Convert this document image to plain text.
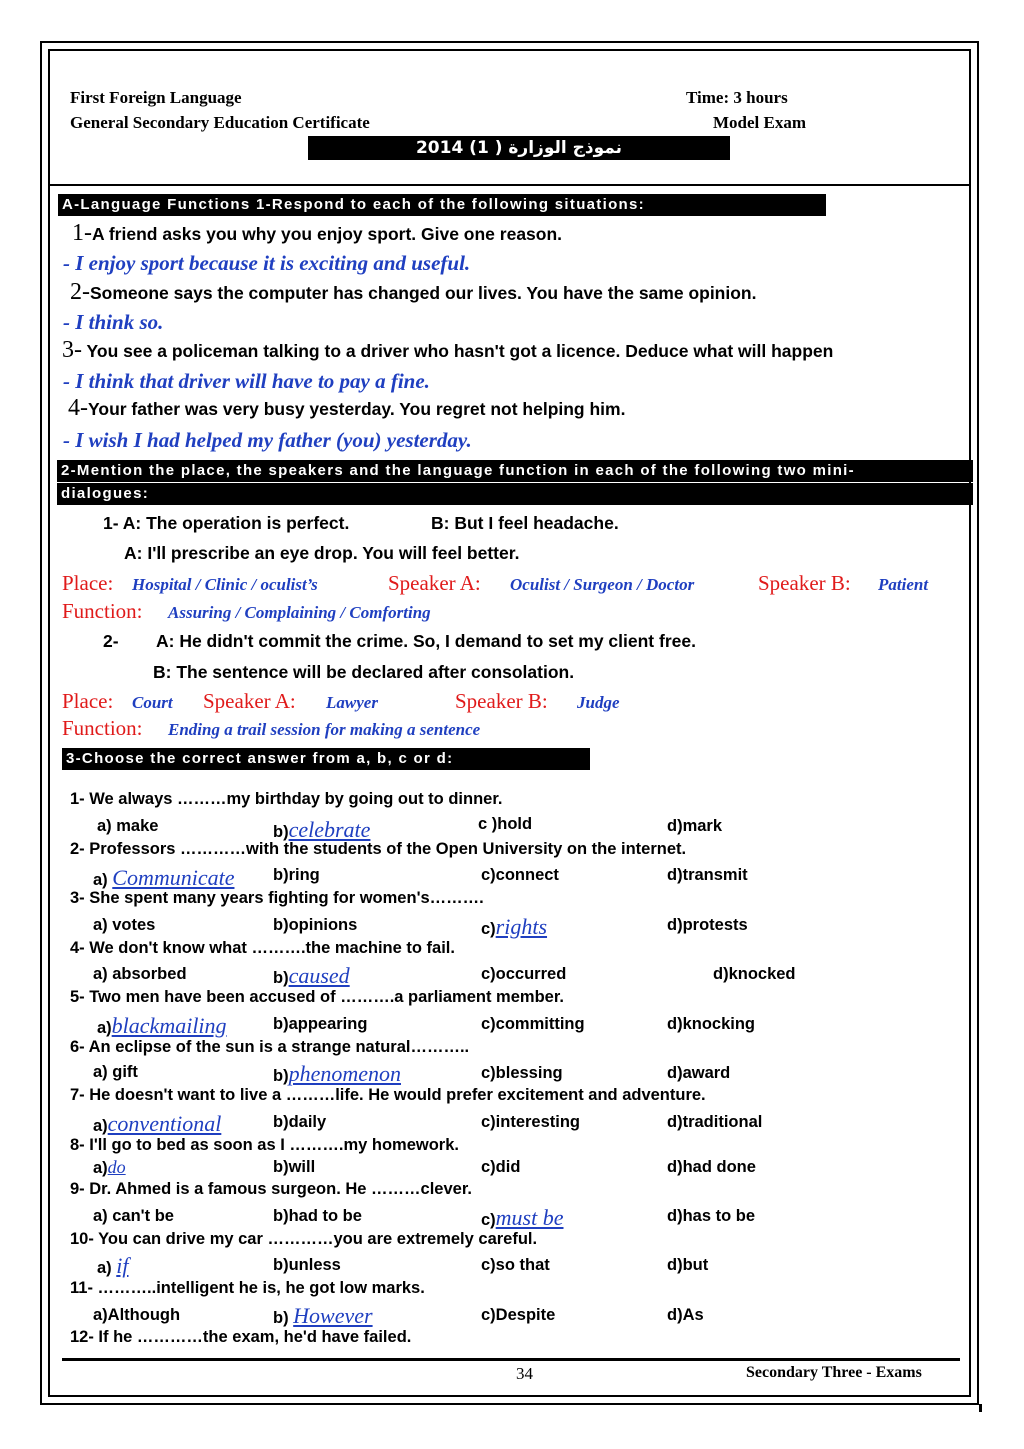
First Foreign Language
General Secondary Education Certificate
Time: 3 hours
Model Exam
2014 (1 ) نموذج الوزارة
A-Language Functions 1-Respond to each of the following situations:
1-A friend asks you why you enjoy sport. Give one reason.
- I enjoy sport because it is exciting and useful.
2-Someone says the computer has changed our lives. You have the same opinion.
- I think so.
3- You see a policeman talking to a driver who hasn't got a licence. Deduce what will happen
- I think that driver will have to pay a fine.
4-Your father was very busy yesterday. You regret not helping him.
- I wish I had helped my father (you) yesterday.
2-Mention the place, the speakers and the language function in each of the following two mini-
dialogues:
1- A: The operation is perfect.	B: But I feel headache.
A: I'll prescribe an eye drop. You will feel better.
Place: Hospital / Clinic / oculist’s	Speaker A: Oculist / Surgeon / Doctor	Speaker B: Patient
Function: Assuring / Complaining / Comforting
2- A: He didn't commit the crime. So, I demand to set my client free.
B: The sentence will be declared after consolation.
Place: Court Speaker A: Lawyer	Speaker B: Judge
Function: Ending a trail session for making a sentence
3-Choose the correct answer from a, b, c or d:
1- We always ………my birthday by going out to dinner.
a) make	b)celebrate	c )hold	d)mark
2- Professors …………with the students of the Open University on the internet.
a) Communicate b)ring	c)connect	d)transmit
3- She spent many years fighting for women's……….
a) votes	b)opinions	c)rights	d)protests
4- We don't know what ……….the machine to fail.
a) absorbed	b)caused	c)occurred	d)knocked
5- Two men have been accused of ……….a parliament member.
a)blackmailing	b)appearing	c)committing	d)knocking
6- An eclipse of the sun is a strange natural………..
a) gift	b)phenomenon	c)blessing	d)award
7- He doesn't want to live a ………life. He would prefer excitement and adventure.
a)conventional	b)daily	c)interesting	d)traditional
8- I'll go to bed as soon as I ……….my homework.
a)do	b)will	c)did	d)had done
9- Dr. Ahmed is a famous surgeon. He ………clever.
a) can't be	b)had to be	c)must be	d)has to be
10- You can drive my car …………you are extremely careful.
a) if	b)unless	c)so that	d)but
11- ………..intelligent he is, he got low marks.
a)Although	b) However	c)Despite	d)As
12- If he …………the exam, he'd have failed.
34	Secondary Three - Exams
